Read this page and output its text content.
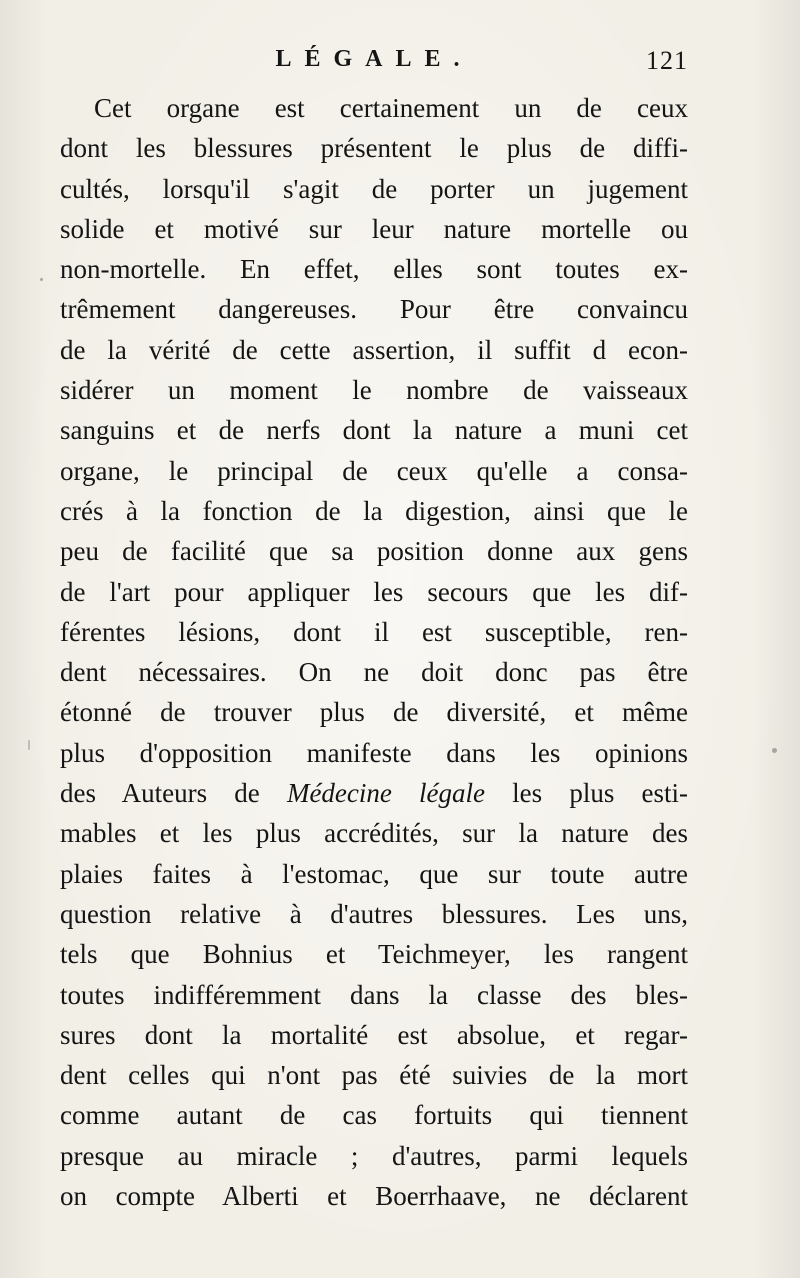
LÉGALE.	121
Cet organe est certainement un de ceux
dont les blessures présentent le plus de diffi-
cultés, lorsqu'il s'agit de porter un jugement
solide et motivé sur leur nature mortelle ou
non-mortelle. En effet, elles sont toutes ex-
trêmement dangereuses. Pour être convaincu
de la vérité de cette assertion, il suffit d econ-
sidérer un moment le nombre de vaisseaux
sanguins et de nerfs dont la nature a muni cet
organe, le principal de ceux qu'elle a consa-
crés à la fonction de la digestion, ainsi que le
peu de facilité que sa position donne aux gens
de l'art pour appliquer les secours que les dif-
férentes lésions, dont il est susceptible, ren-
dent nécessaires. On ne doit donc pas être
étonné de trouver plus de diversité, et même
plus d'opposition manifeste dans les opinions
des Auteurs de Médecine légale les plus esti-
mables et les plus accrédités, sur la nature des
plaies faites à l'estomac, que sur toute autre
question relative à d'autres blessures. Les uns,
tels que Bohnius et Teichmeyer, les rangent
toutes indifféremment dans la classe des bles-
sures dont la mortalité est absolue, et regar-
dent celles qui n'ont pas été suivies de la mort
comme autant de cas fortuits qui tiennent
presque au miracle ; d'autres, parmi lequels
on compte Alberti et Boerrhaave, ne déclarent
